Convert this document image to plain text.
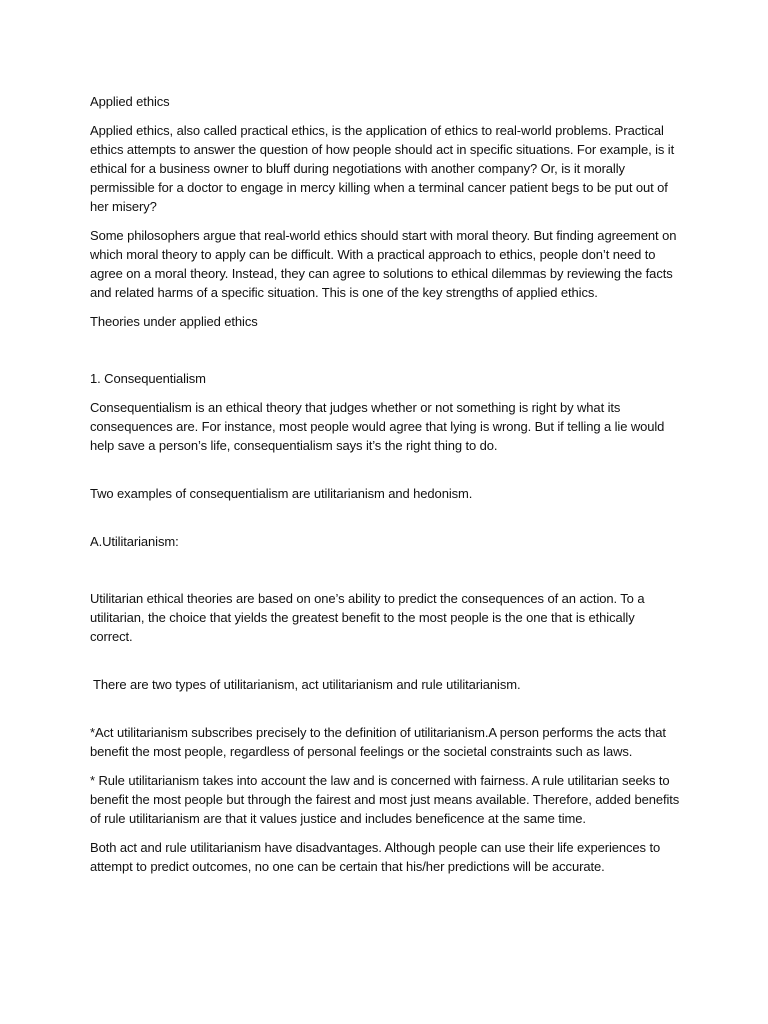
Applied ethics

Applied ethics, also called practical ethics, is the application of ethics to real-world problems. Practical ethics attempts to answer the question of how people should act in specific situations. For example, is it ethical for a business owner to bluff during negotiations with another company? Or, is it morally permissible for a doctor to engage in mercy killing when a terminal cancer patient begs to be put out of her misery?

Some philosophers argue that real-world ethics should start with moral theory. But finding agreement on which moral theory to apply can be difficult. With a practical approach to ethics, people don’t need to agree on a moral theory. Instead, they can agree to solutions to ethical dilemmas by reviewing the facts and related harms of a specific situation. This is one of the key strengths of applied ethics.

Theories under applied ethics

1. Consequentialism

Consequentialism is an ethical theory that judges whether or not something is right by what its consequences are. For instance, most people would agree that lying is wrong. But if telling a lie would help save a person’s life, consequentialism says it’s the right thing to do.

Two examples of consequentialism are utilitarianism and hedonism.

A.Utilitarianism:

Utilitarian ethical theories are based on one’s ability to predict the consequences of an action. To a utilitarian, the choice that yields the greatest benefit to the most people is the one that is ethically correct.

There are two types of utilitarianism, act utilitarianism and rule utilitarianism.

*Act utilitarianism subscribes precisely to the definition of utilitarianism.A person performs the acts that benefit the most people, regardless of personal feelings or the societal constraints such as laws.

* Rule utilitarianism takes into account the law and is concerned with fairness. A rule utilitarian seeks to benefit the most people but through the fairest and most just means available. Therefore, added benefits of rule utilitarianism are that it values justice and includes beneficence at the same time.

Both act and rule utilitarianism have disadvantages. Although people can use their life experiences to attempt to predict outcomes, no one can be certain that his/her predictions will be accurate.
